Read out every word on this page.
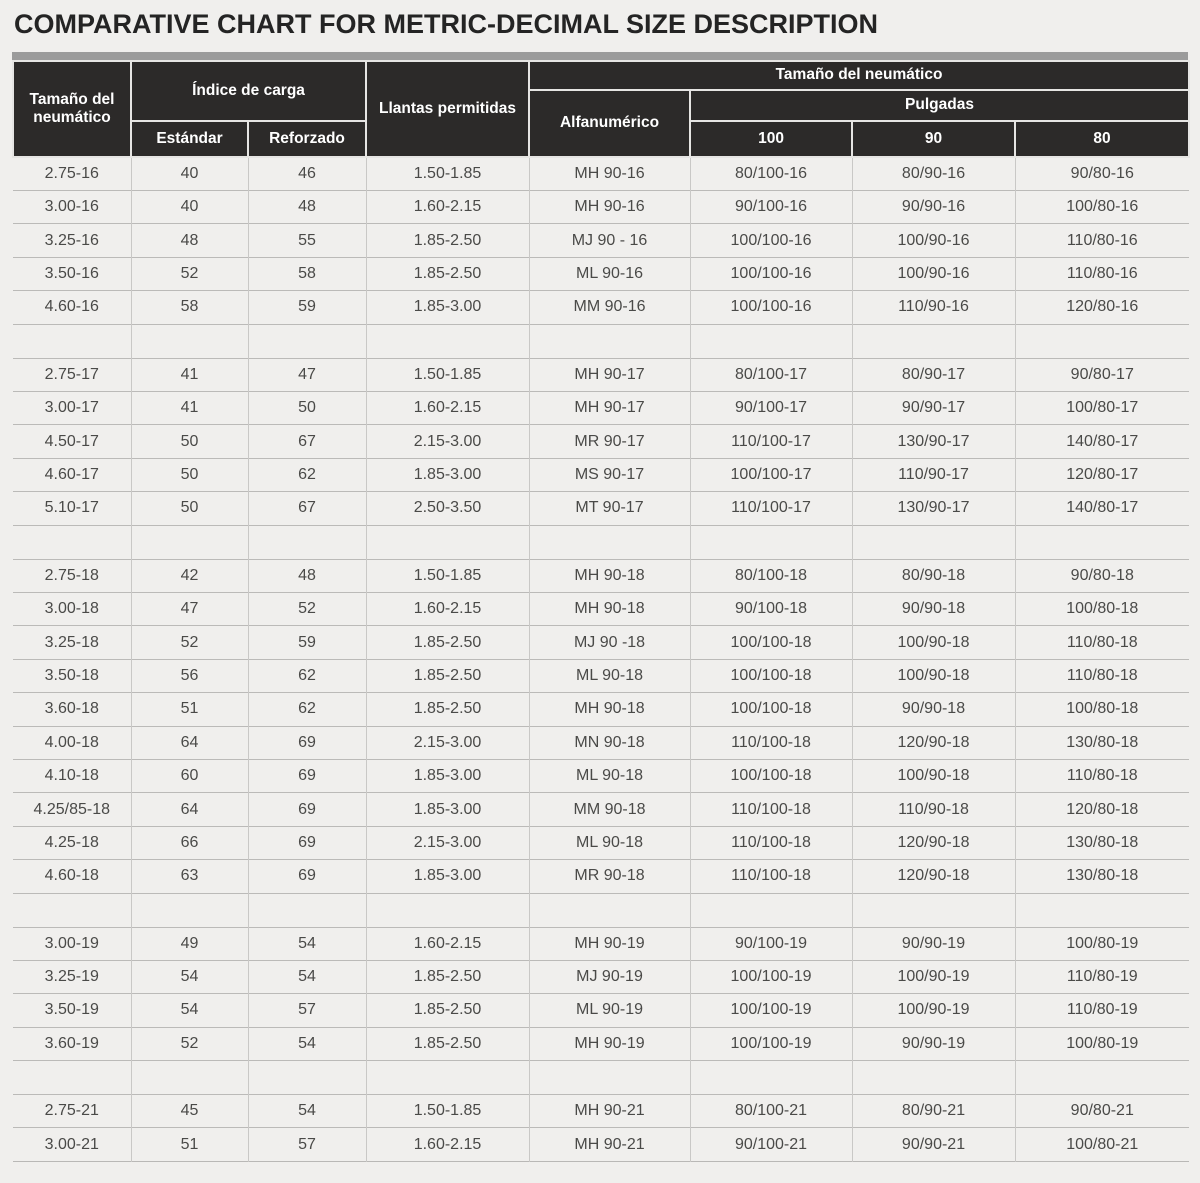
COMPARATIVE CHART FOR METRIC-DECIMAL SIZE DESCRIPTION
Tamaño del neumático	Índice de carga		Llantas permitidas	Tamaño del neumático			
				Alfanumérico	Pulgadas		
	Estándar	Reforzado			100	90	80
2.75-16	40	46	1.50-1.85	MH 90-16	80/100-16	80/90-16	90/80-16
3.00-16	40	48	1.60-2.15	MH 90-16	90/100-16	90/90-16	100/80-16
3.25-16	48	55	1.85-2.50	MJ 90 - 16	100/100-16	100/90-16	110/80-16
3.50-16	52	58	1.85-2.50	ML 90-16	100/100-16	100/90-16	110/80-16
4.60-16	58	59	1.85-3.00	MM 90-16	100/100-16	110/90-16	120/80-16

2.75-17	41	47	1.50-1.85	MH 90-17	80/100-17	80/90-17	90/80-17
3.00-17	41	50	1.60-2.15	MH 90-17	90/100-17	90/90-17	100/80-17
4.50-17	50	67	2.15-3.00	MR 90-17	110/100-17	130/90-17	140/80-17
4.60-17	50	62	1.85-3.00	MS 90-17	100/100-17	110/90-17	120/80-17
5.10-17	50	67	2.50-3.50	MT 90-17	110/100-17	130/90-17	140/80-17

2.75-18	42	48	1.50-1.85	MH 90-18	80/100-18	80/90-18	90/80-18
3.00-18	47	52	1.60-2.15	MH 90-18	90/100-18	90/90-18	100/80-18
3.25-18	52	59	1.85-2.50	MJ 90 -18	100/100-18	100/90-18	110/80-18
3.50-18	56	62	1.85-2.50	ML 90-18	100/100-18	100/90-18	110/80-18
3.60-18	51	62	1.85-2.50	MH 90-18	100/100-18	90/90-18	100/80-18
4.00-18	64	69	2.15-3.00	MN 90-18	110/100-18	120/90-18	130/80-18
4.10-18	60	69	1.85-3.00	ML 90-18	100/100-18	100/90-18	110/80-18
4.25/85-18	64	69	1.85-3.00	MM 90-18	110/100-18	110/90-18	120/80-18
4.25-18	66	69	2.15-3.00	ML 90-18	110/100-18	120/90-18	130/80-18
4.60-18	63	69	1.85-3.00	MR 90-18	110/100-18	120/90-18	130/80-18

3.00-19	49	54	1.60-2.15	MH 90-19	90/100-19	90/90-19	100/80-19
3.25-19	54	54	1.85-2.50	MJ 90-19	100/100-19	100/90-19	110/80-19
3.50-19	54	57	1.85-2.50	ML 90-19	100/100-19	100/90-19	110/80-19
3.60-19	52	54	1.85-2.50	MH 90-19	100/100-19	90/90-19	100/80-19

2.75-21	45	54	1.50-1.85	MH 90-21	80/100-21	80/90-21	90/80-21
3.00-21	51	57	1.60-2.15	MH 90-21	90/100-21	90/90-21	100/80-21
